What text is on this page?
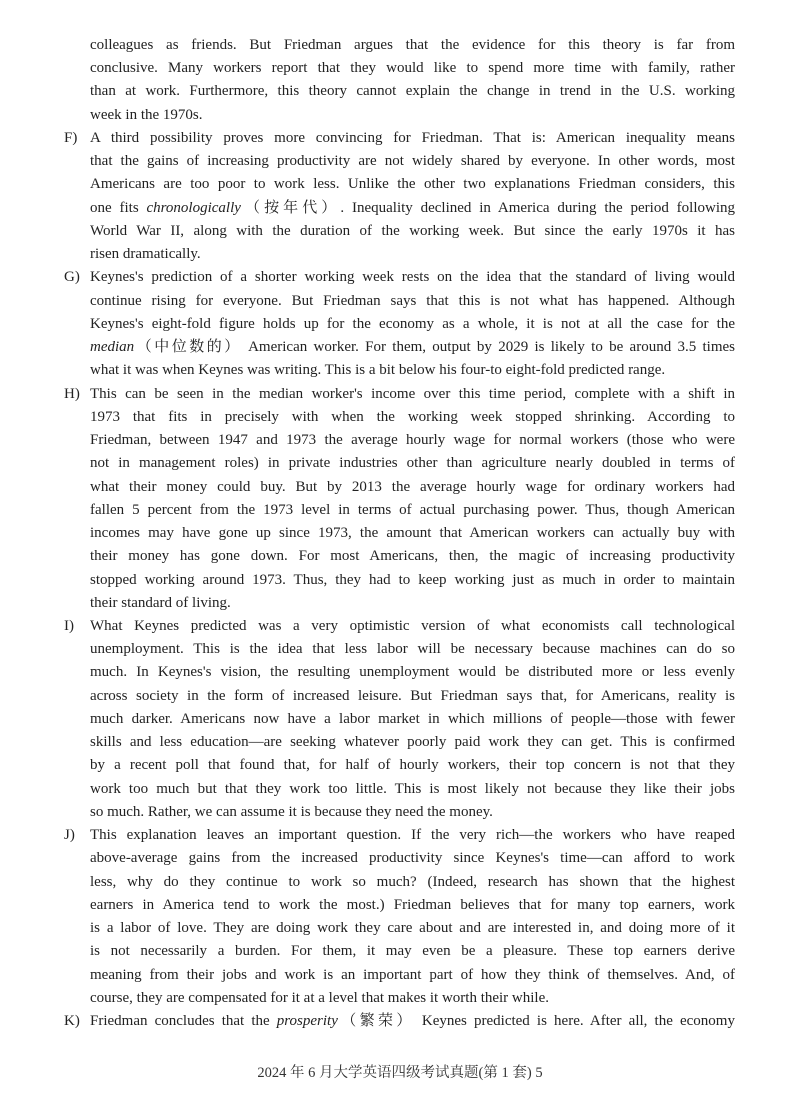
colleagues as friends. But Friedman argues that the evidence for this theory is far from
conclusive. Many workers report that they would like to spend more time with family, rather
than at work. Furthermore, this theory cannot explain the change in trend in the U.S. working
week in the 1970s.
F) A third possibility proves more convincing for Friedman. That is: American inequality means
that the gains of increasing productivity are not widely shared by everyone. In other words, most
Americans are too poor to work less. Unlike the other two explanations Friedman considers, this
one fits chronologically（按年代）. Inequality declined in America during the period following
World War II, along with the duration of the working week. But since the early 1970s it has
risen dramatically.
G) Keynes's prediction of a shorter working week rests on the idea that the standard of living would
continue rising for everyone. But Friedman says that this is not what has happened. Although
Keynes's eight-fold figure holds up for the economy as a whole, it is not at all the case for the
median（中位数的） American worker. For them, output by 2029 is likely to be around 3.5 times
what it was when Keynes was writing. This is a bit below his four-to eight-fold predicted range.
H) This can be seen in the median worker's income over this time period, complete with a shift in
1973 that fits in precisely with when the working week stopped shrinking. According to
Friedman, between 1947 and 1973 the average hourly wage for normal workers (those who were
not in management roles) in private industries other than agriculture nearly doubled in terms of
what their money could buy. But by 2013 the average hourly wage for ordinary workers had
fallen 5 percent from the 1973 level in terms of actual purchasing power. Thus, though American
incomes may have gone up since 1973, the amount that American workers can actually buy with
their money has gone down. For most Americans, then, the magic of increasing productivity
stopped working around 1973. Thus, they had to keep working just as much in order to maintain
their standard of living.
I) What Keynes predicted was a very optimistic version of what economists call technological
unemployment. This is the idea that less labor will be necessary because machines can do so
much. In Keynes's vision, the resulting unemployment would be distributed more or less evenly
across society in the form of increased leisure. But Friedman says that, for Americans, reality is
much darker. Americans now have a labor market in which millions of people—those with fewer
skills and less education—are seeking whatever poorly paid work they can get. This is confirmed
by a recent poll that found that, for half of hourly workers, their top concern is not that they
work too much but that they work too little. This is most likely not because they like their jobs
so much. Rather, we can assume it is because they need the money.
J) This explanation leaves an important question. If the very rich—the workers who have reaped
above-average gains from the increased productivity since Keynes's time—can afford to work
less, why do they continue to work so much? (Indeed, research has shown that the highest
earners in America tend to work the most.) Friedman believes that for many top earners, work
is a labor of love. They are doing work they care about and are interested in, and doing more of it
is not necessarily a burden. For them, it may even be a pleasure. These top earners derive
meaning from their jobs and work is an important part of how they think of themselves. And, of
course, they are compensated for it at a level that makes it worth their while.
K) Friedman concludes that the prosperity（繁荣） Keynes predicted is here. After all, the economy
2024 年 6 月大学英语四级考试真题(第 1 套) 5
